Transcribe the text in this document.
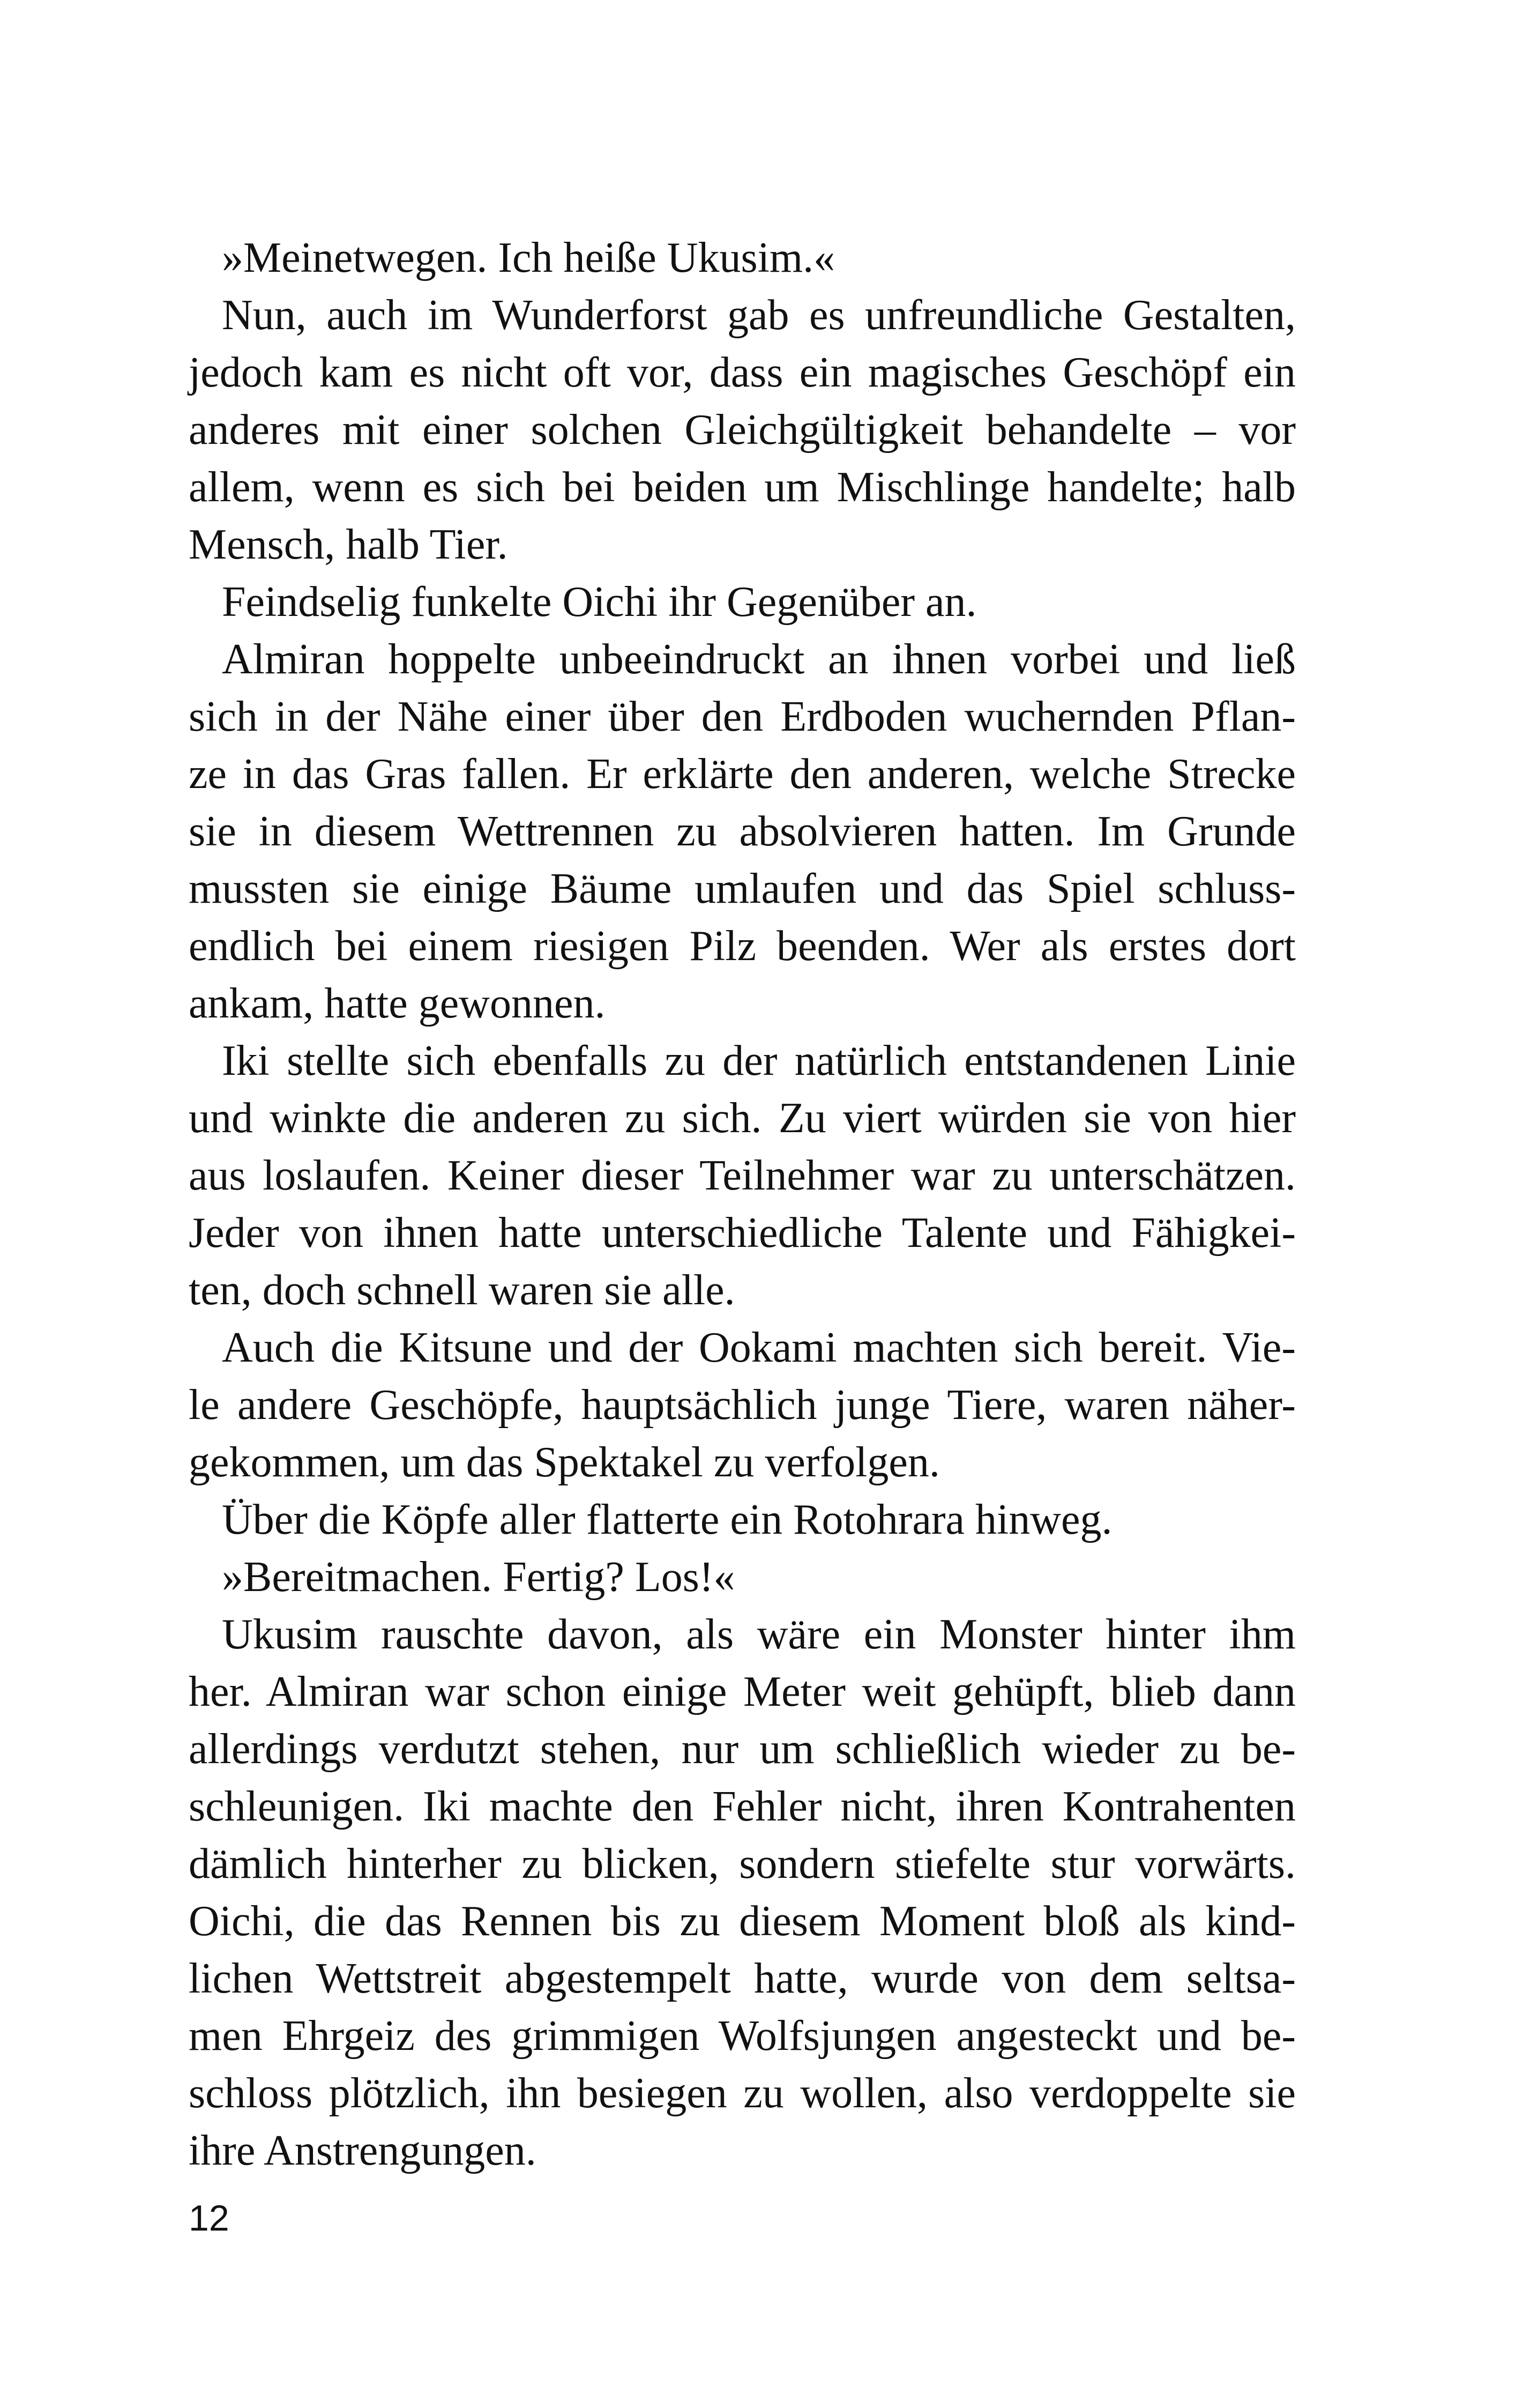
»Meinetwegen. Ich heiße Ukusim.«
Nun, auch im Wunderforst gab es unfreundliche Gestalten,
jedoch kam es nicht oft vor, dass ein magisches Geschöpf ein
anderes mit einer solchen Gleichgültigkeit behandelte – vor
allem, wenn es sich bei beiden um Mischlinge handelte; halb
Mensch, halb Tier.
Feindselig funkelte Oichi ihr Gegenüber an.
Almiran hoppelte unbeeindruckt an ihnen vorbei und ließ
sich in der Nähe einer über den Erdboden wuchernden Pflan-
ze in das Gras fallen. Er erklärte den anderen, welche Strecke
sie in diesem Wettrennen zu absolvieren hatten. Im Grunde
mussten sie einige Bäume umlaufen und das Spiel schluss-
endlich bei einem riesigen Pilz beenden. Wer als erstes dort
ankam, hatte gewonnen.
Iki stellte sich ebenfalls zu der natürlich entstandenen Linie
und winkte die anderen zu sich. Zu viert würden sie von hier
aus loslaufen. Keiner dieser Teilnehmer war zu unterschätzen.
Jeder von ihnen hatte unterschiedliche Talente und Fähigkei-
ten, doch schnell waren sie alle.
Auch die Kitsune und der Ookami machten sich bereit. Vie-
le andere Geschöpfe, hauptsächlich junge Tiere, waren näher-
gekommen, um das Spektakel zu verfolgen.
Über die Köpfe aller flatterte ein Rotohrara hinweg.
»Bereitmachen. Fertig? Los!«
Ukusim rauschte davon, als wäre ein Monster hinter ihm
her. Almiran war schon einige Meter weit gehüpft, blieb dann
allerdings verdutzt stehen, nur um schließlich wieder zu be-
schleunigen. Iki machte den Fehler nicht, ihren Kontrahenten
dämlich hinterher zu blicken, sondern stiefelte stur vorwärts.
Oichi, die das Rennen bis zu diesem Moment bloß als kind-
lichen Wettstreit abgestempelt hatte, wurde von dem seltsa-
men Ehrgeiz des grimmigen Wolfsjungen angesteckt und be-
schloss plötzlich, ihn besiegen zu wollen, also verdoppelte sie
ihre Anstrengungen.
12
